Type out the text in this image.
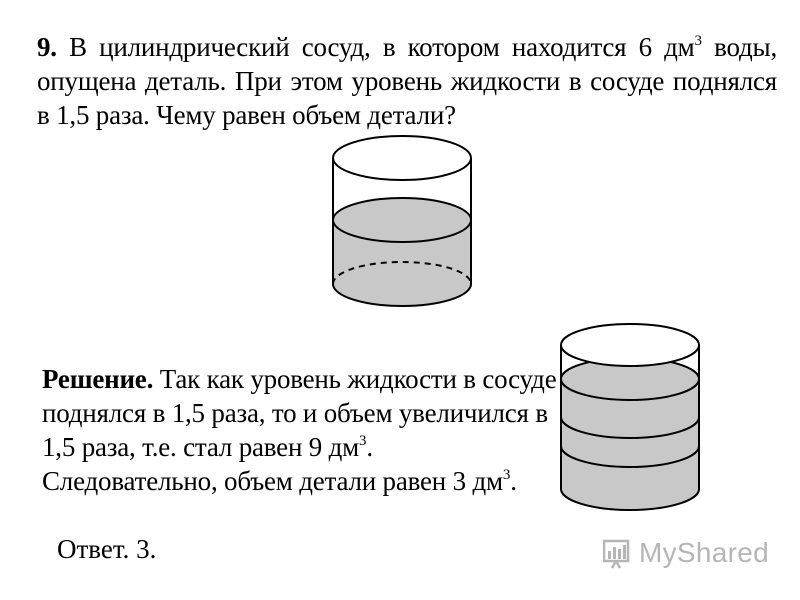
9. В цилиндрический сосуд, в котором находится 6 $дм^3$ воды,
опущена деталь. При этом уровень жидкости в сосуде поднялся
в 1,5 раза. Чему равен объем детали?
Решение. Так как уровень жидкости в сосуде
поднялся в 1,5 раза, то и объем увеличился в
1,5 раза, т.е. стал равен 9 $дм^3$.
Следовательно, объем детали равен 3 $дм^3$.
Ответ. 3.	MyShared
